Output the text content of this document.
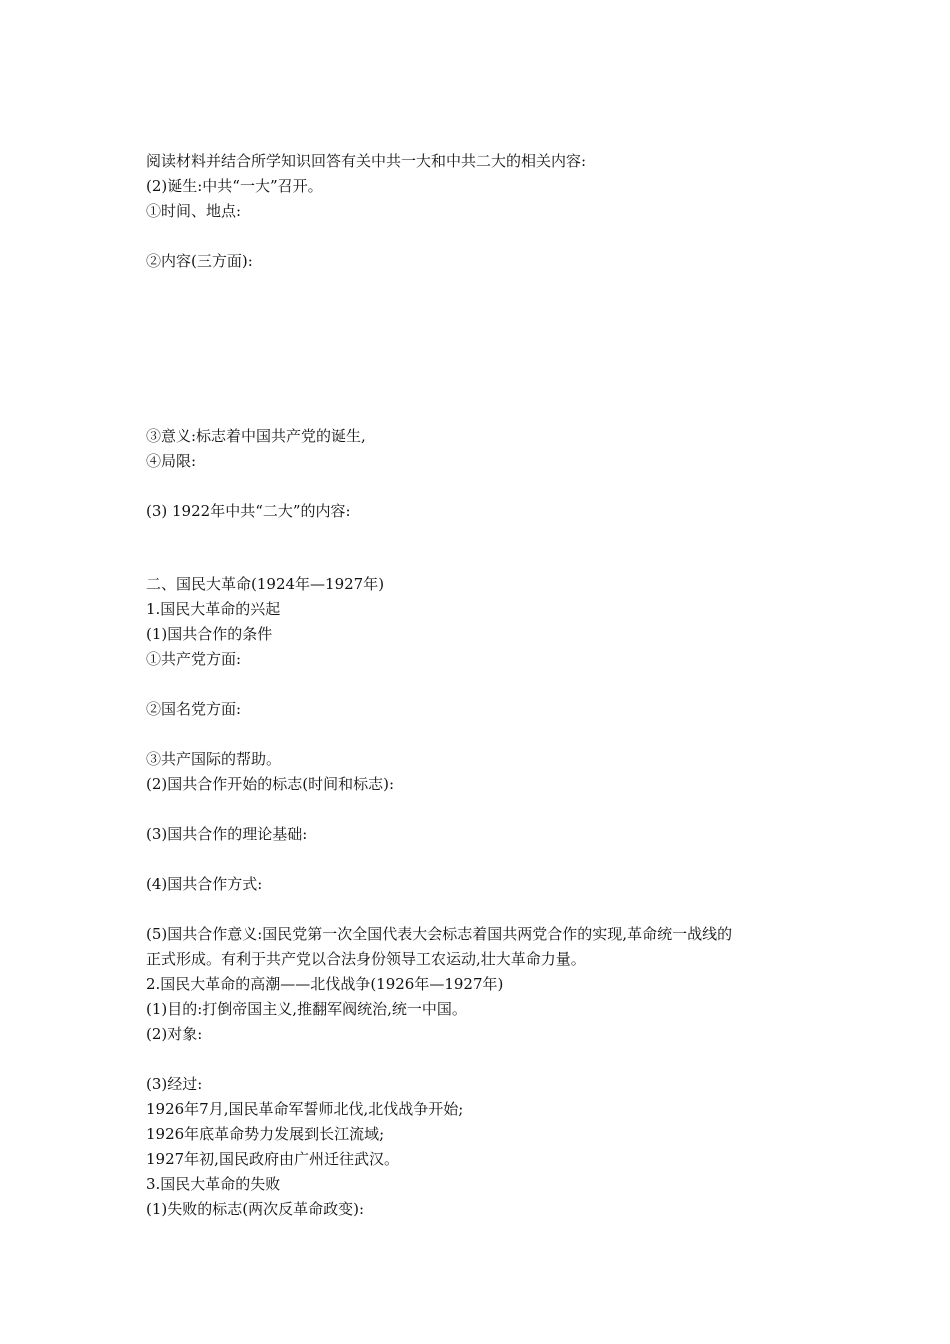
阅读材料并结合所学知识回答有关中共一大和中共二大的相关内容:
(2)诞生:中共“一大”召开。
①时间、地点:
②内容(三方面):
③意义:标志着中国共产党的诞生,
④局限:
(3) 1922年中共“二大”的内容:
二、国民大革命(1924年—1927年)
1.国民大革命的兴起
(1)国共合作的条件
①共产党方面:
②国名党方面:
③共产国际的帮助。
(2)国共合作开始的标志(时间和标志):
(3)国共合作的理论基础:
(4)国共合作方式:
(5)国共合作意义:国民党第一次全国代表大会标志着国共两党合作的实现,革命统一战线的
正式形成。有利于共产党以合法身份领导工农运动,壮大革命力量。
2.国民大革命的高潮——北伐战争(1926年—1927年)
(1)目的:打倒帝国主义,推翻军阀统治,统一中国。
(2)对象:
(3)经过:
1926年7月,国民革命军誓师北伐,北伐战争开始;
1926年底革命势力发展到长江流域;
1927年初,国民政府由广州迁往武汉。
3.国民大革命的失败
(1)失败的标志(两次反革命政变):
